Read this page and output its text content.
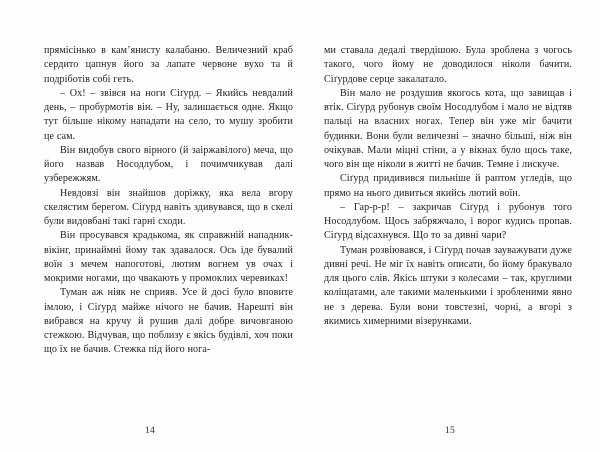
прямісінько в кам’янисту калабаню. Величезний краб сердито цапнув його за лапате червоне вухо та й подріботів собі геть.

– Ох! – звівся на ноги Сіґурд. – Якийсь невдалий день, – пробурмотів він. – Ну, залишається одне. Якщо тут більше нікому нападати на село, то мушу зробити це сам.

Він видобув свого вірного (й заіржавілого) меча, що його назвав Носодлубом, і почимчикував далі узбережжям.

Невдовзі він знайшов доріжку, яка вела вгору скелястим берегом. Сіґурд навіть здивувався, що в скелі були видовбані такі гарні сходи.

Він просувався крадькома, як справжній нападник-вікінг, принаймні йому так здавалося. Ось іде бувалий воїн з мечем напоготові, лютим вогнем ув очах і мокрими ногами, що чвакають у промоклих черевиках!

Туман аж ніяк не сприяв. Усе й досі було вповите імлою, і Сіґурд майже нічого не бачив. Нарешті він вибрався на кручу й рушив далі добре вичовганою стежкою. Відчував, що поблизу є якісь будівлі, хоч поки що їх не бачив. Стежка під його нога-

14

ми ставала дедалі твердішою. Була зроблена з чогось такого, чого йому не доводилося ніколи бачити. Сіґурдове серце закалатало.

Він мало не роздушив якогось кота, що завищав і втік. Сіґурд рубонув своїм Носодлубом і мало не відтяв пальці на власних ногах. Тепер він уже міг бачити будинки. Вони були величезні – значно більші, ніж він очікував. Мали міцні стіни, а у вікнах було щось таке, чого він ще ніколи в житті не бачив. Темне і лискуче.

Сіґурд придивився пильніше й раптом угледів, що прямо на нього дивиться якийсь лютий воїн.

– Гар-р-р! – закричав Сіґурд і рубонув того Носодлубом. Щось забряжчало, і ворог кудись пропав. Сіґурд відсахнувся. Що то за дивні чари?

Туман розвіювався, і Сіґурд почав зауважувати дуже дивні речі. Не міг їх навіть описати, бо йому бракувало для цього слів. Якісь штуки з колесами – так, круглими коліщатами, але такими маленькими і зробленими явно не з дерева. Були вони товстезні, чорні, а вгорі з якимись химерними візерунками.

15
